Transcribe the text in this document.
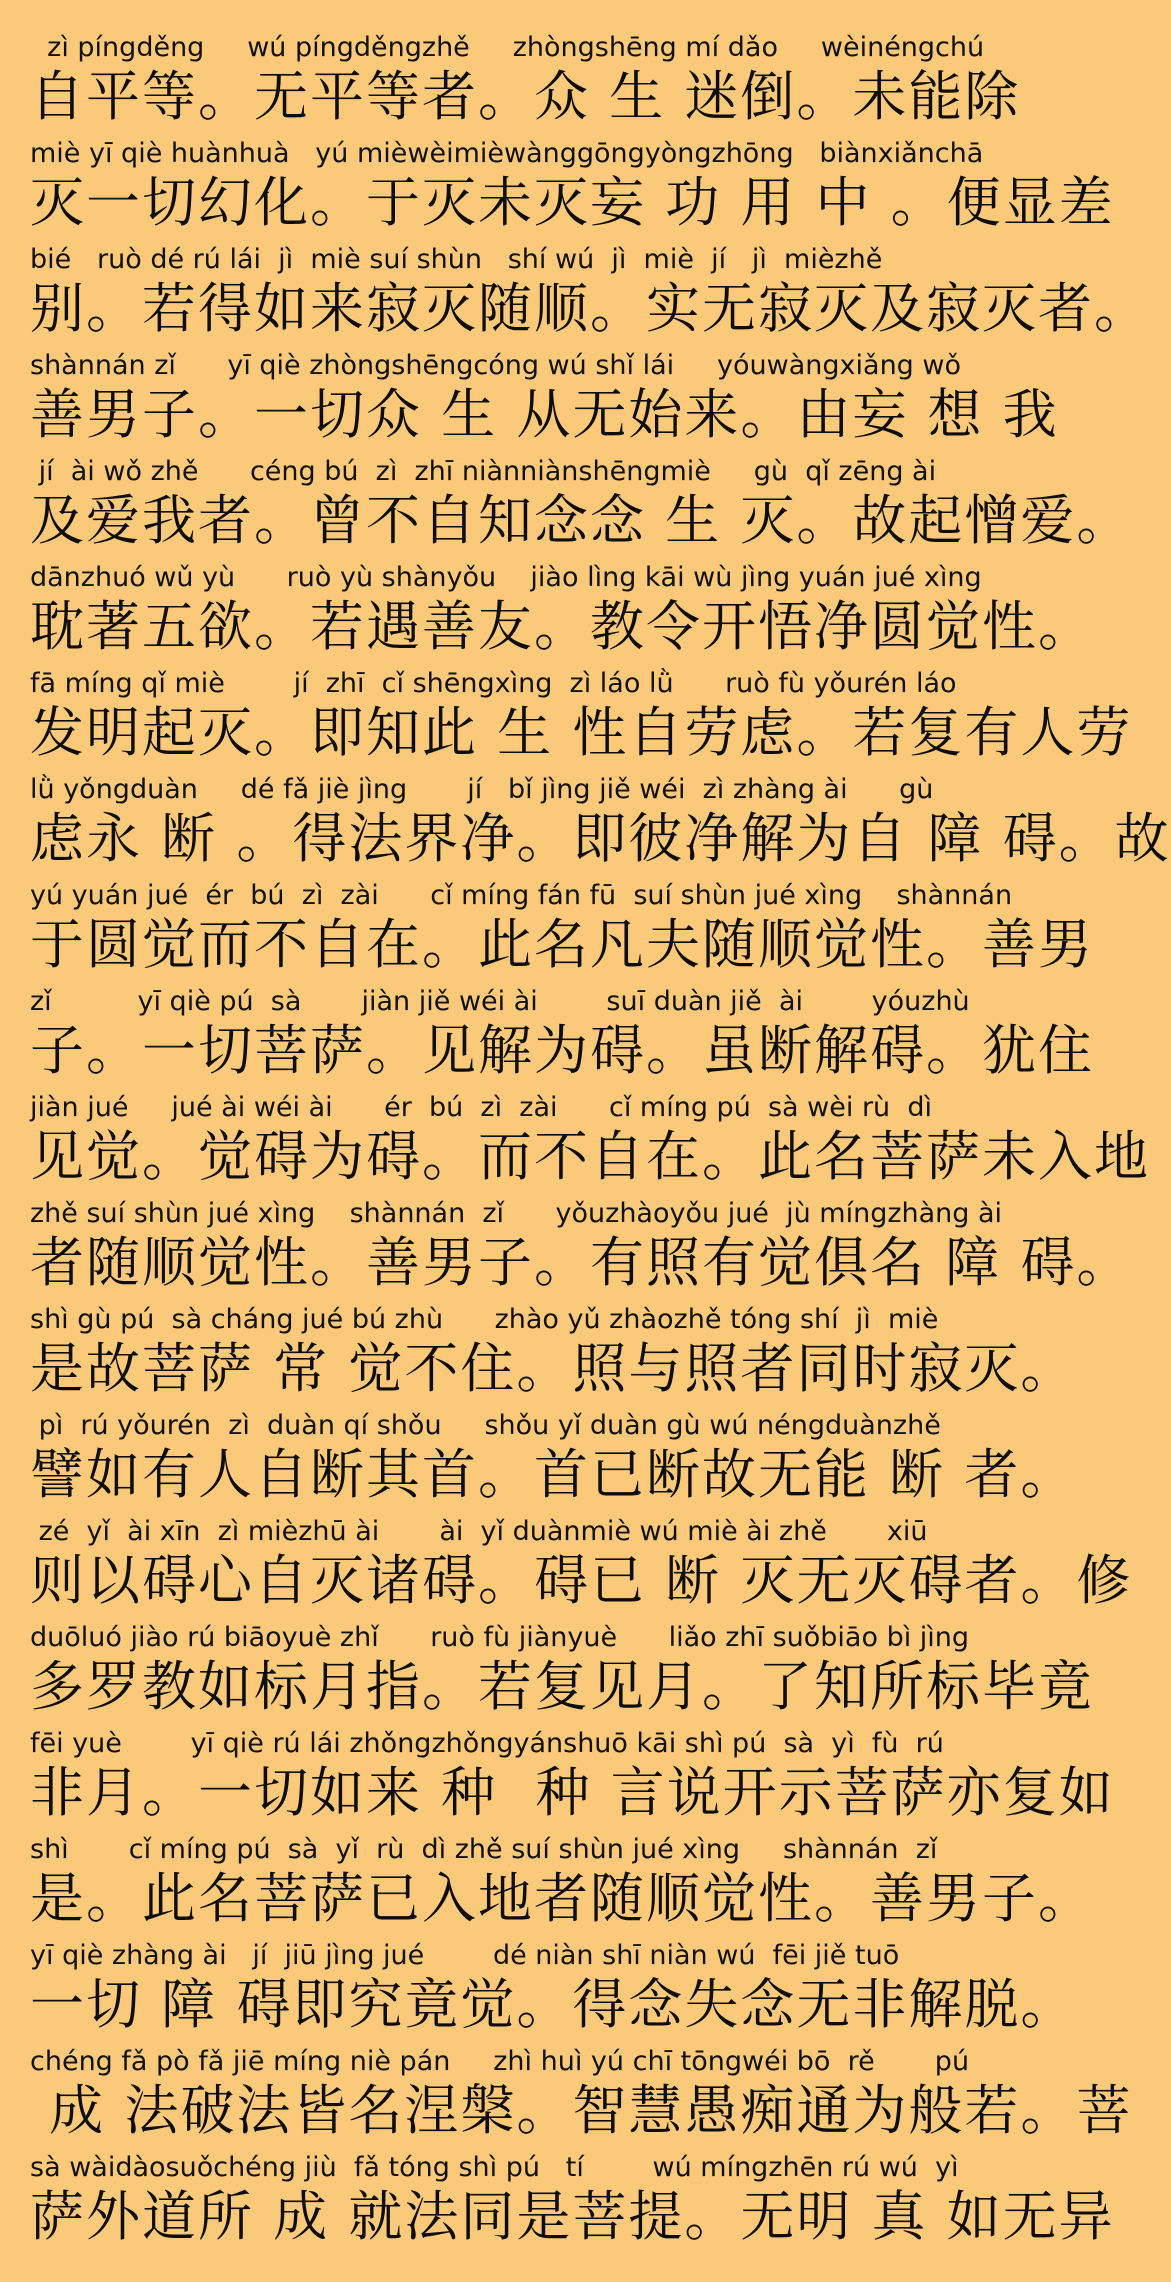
zì píngděng     wú píngděngzhě     zhòngshēng mí dǎo     wèinéngchú
自平等。无平等者。众 生 迷倒。未能除
miè yī qiè huànhuà   yú mièwèimièwànggōngyòngzhōng   biànxiǎnchā
灭一切幻化。于灭未灭妄 功 用 中 。便显差
bié   ruò dé rú lái  jì  miè suí shùn   shí wú  jì  miè  jí   jì  mièzhě
别。若得如来寂灭随顺。实无寂灭及寂灭者。
shànnán zǐ      yī qiè zhòngshēngcóng wú shǐ lái     yóuwàngxiǎng wǒ
善男子。一切众 生 从无始来。由妄 想 我
jí  ài wǒ zhě      céng bú  zì  zhī niànniànshēngmiè     gù  qǐ zēng ài
及爱我者。曾不自知念念 生 灭。故起憎爱。
dānzhuó wǔ yù      ruò yù shànyǒu    jiào lìng kāi wù jìng yuán jué xìng
耽著五欲。若遇善友。教令开悟净圆觉性。
fā míng qǐ miè        jí  zhī  cǐ shēngxìng  zì láo lǜ      ruò fù yǒurén láo
发明起灭。即知此 生 性自劳虑。若复有人劳
lǜ yǒngduàn     dé fǎ jiè jìng       jí   bǐ jìng jiě wéi  zì zhàng ài      gù
虑永 断 。得法界净。即彼净解为自 障 碍。故
yú yuán jué  ér  bú  zì  zài      cǐ míng fán fū  suí shùn jué xìng    shànnán
于圆觉而不自在。此名凡夫随顺觉性。善男
zǐ          yī qiè pú  sà       jiàn jiě wéi ài        suī duàn jiě  ài        yóuzhù
子。一切菩萨。见解为碍。虽断解碍。犹住
jiàn jué     jué ài wéi ài      ér  bú  zì  zài      cǐ míng pú  sà wèi rù  dì
见觉。觉碍为碍。而不自在。此名菩萨未入地
zhě suí shùn jué xìng    shànnán  zǐ      yǒuzhàoyǒu jué  jù míngzhàng ài
者随顺觉性。善男子。有照有觉俱名 障 碍。
shì gù pú  sà cháng jué bú zhù      zhào yǔ zhàozhě tóng shí  jì  miè
是故菩萨 常 觉不住。照与照者同时寂灭。
pì  rú yǒurén  zì  duàn qí shǒu     shǒu yǐ duàn gù wú néngduànzhě
譬如有人自断其首。首已断故无能 断 者。
zé  yǐ  ài xīn  zì mièzhū ài       ài  yǐ duànmiè wú miè ài zhě       xiū
则以碍心自灭诸碍。碍已 断 灭无灭碍者。修
duōluó jiào rú biāoyuè zhǐ      ruò fù jiànyuè      liǎo zhī suǒbiāo bì jìng
多罗教如标月指。若复见月。了知所标毕竟
fēi yuè        yī qiè rú lái zhǒngzhǒngyánshuō kāi shì pú  sà  yì  fù  rú
非月。一切如来 种  种 言说开示菩萨亦复如
shì       cǐ míng pú  sà  yǐ  rù  dì zhě suí shùn jué xìng     shànnán  zǐ
是。此名菩萨已入地者随顺觉性。善男子。
yī qiè zhàng ài   jí  jiū jìng jué        dé niàn shī niàn wú  fēi jiě tuō
一切 障 碍即究竟觉。得念失念无非解脱。
chéng fǎ pò fǎ jiē míng niè pán     zhì huì yú chī tōngwéi bō  rě       pú
成 法破法皆名涅槃。智慧愚痴通为般若。菩
sà wàidàosuǒchéng jiù  fǎ tóng shì pú   tí        wú míngzhēn rú wú  yì
萨外道所 成 就法同是菩提。无明 真 如无异
